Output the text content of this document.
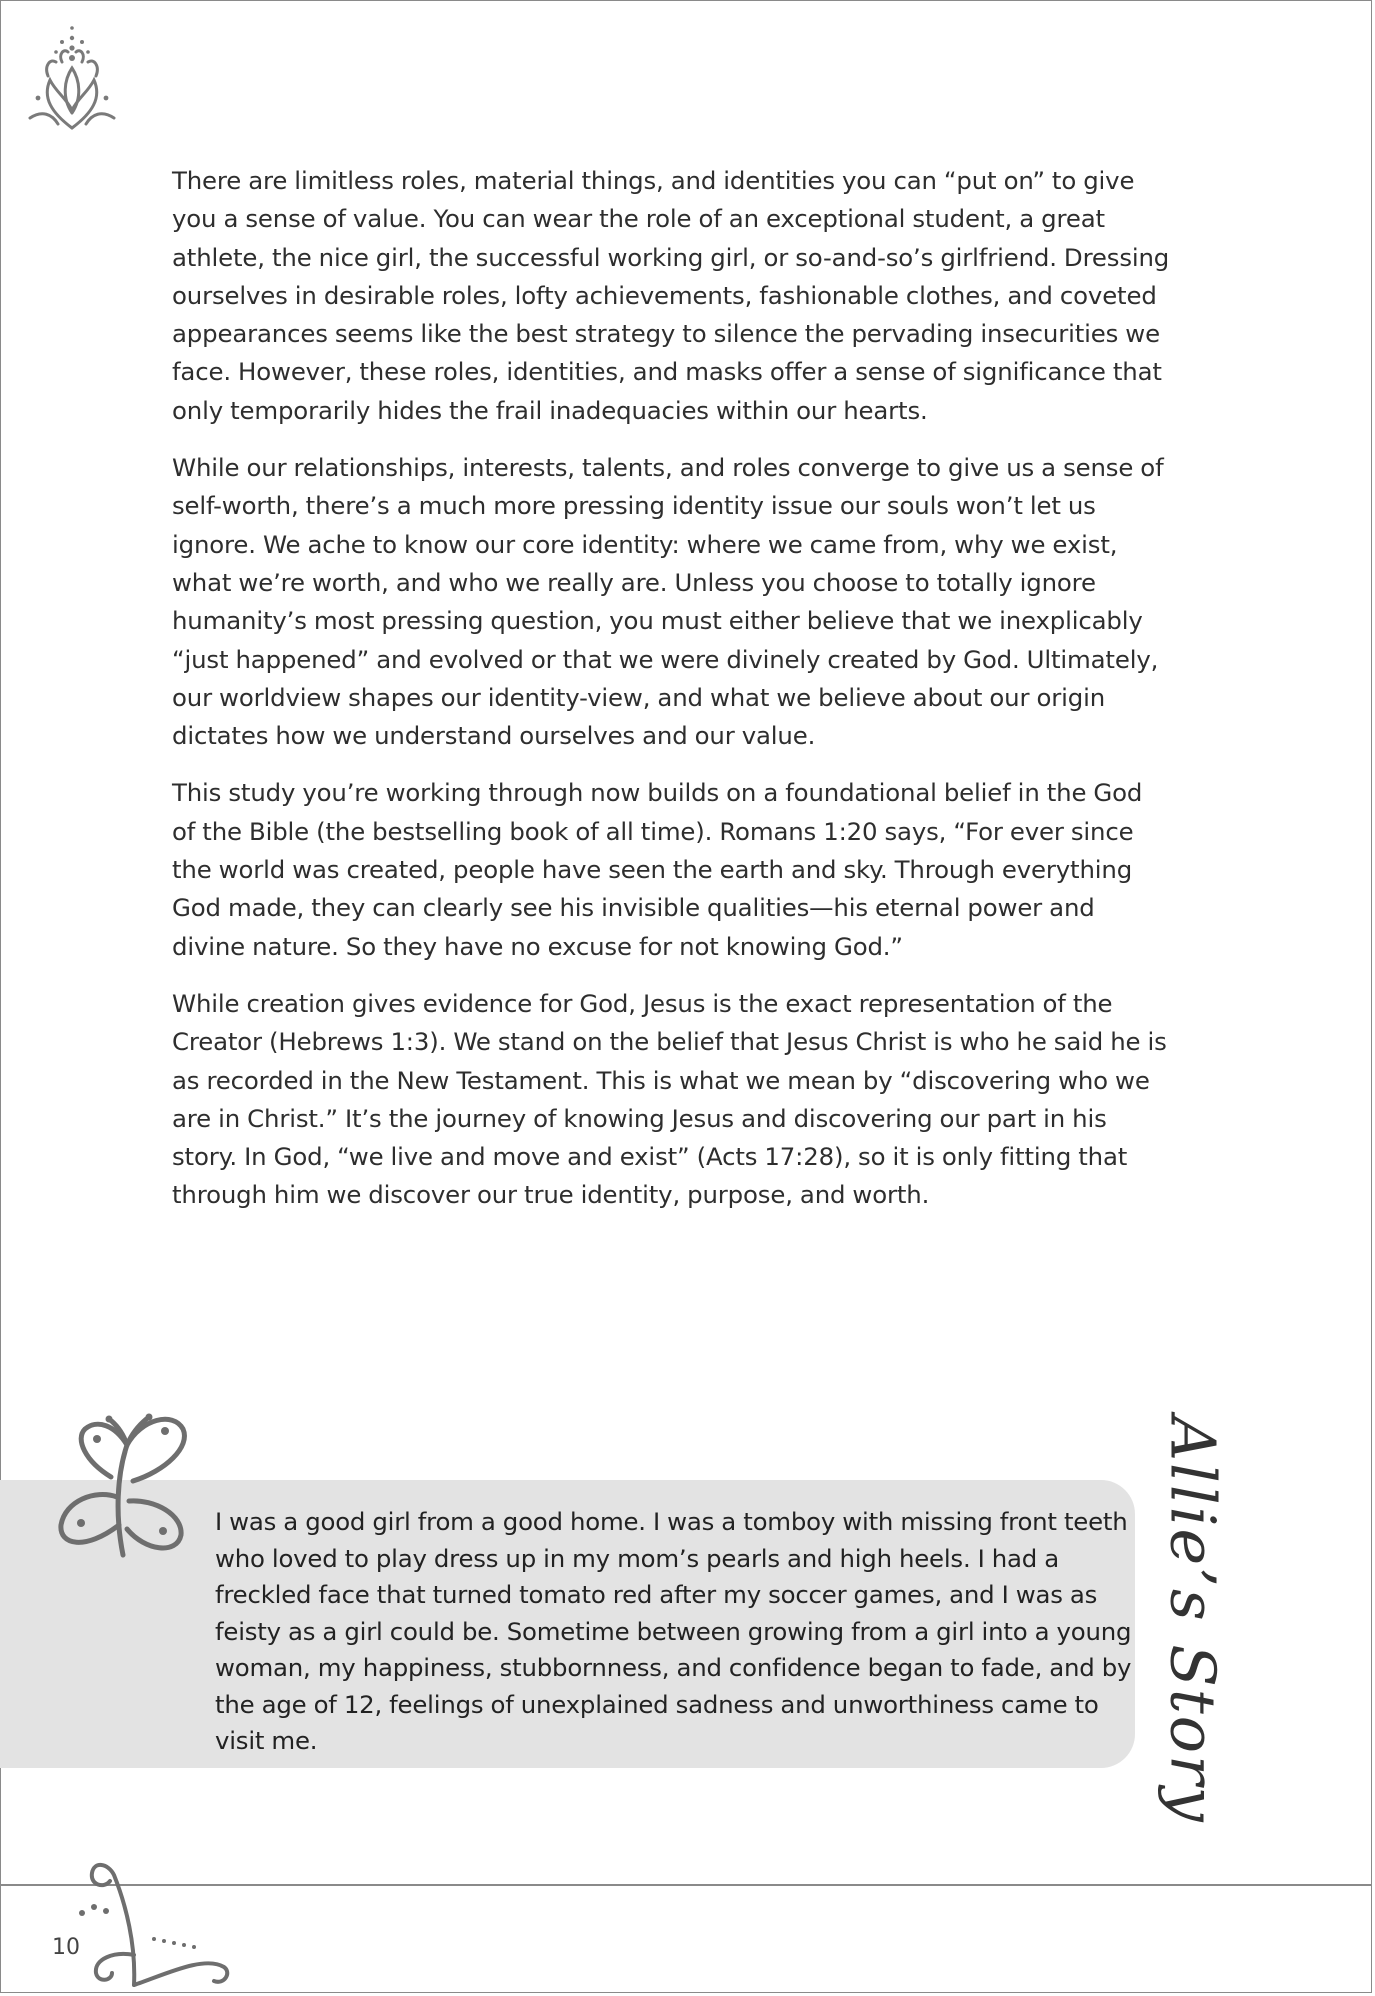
There are limitless roles, material things, and identities you can “put on” to give you a sense of value. You can wear the role of an exceptional student, a great athlete, the nice girl, the successful working girl, or so-and-so’s girlfriend. Dressing ourselves in desirable roles, lofty achievements, fashionable clothes, and coveted appearances seems like the best strategy to silence the pervading insecurities we face. However, these roles, identities, and masks offer a sense of significance that only temporarily hides the frail inadequacies within our hearts.

While our relationships, interests, talents, and roles converge to give us a sense of self-worth, there’s a much more pressing identity issue our souls won’t let us ignore. We ache to know our core identity: where we came from, why we exist, what we’re worth, and who we really are. Unless you choose to totally ignore humanity’s most pressing question, you must either believe that we inexplicably “just happened” and evolved or that we were divinely created by God. Ultimately, our worldview shapes our identity-view, and what we believe about our origin dictates how we understand ourselves and our value.

This study you’re working through now builds on a foundational belief in the God of the Bible (the bestselling book of all time). Romans 1:20 says, “For ever since the world was created, people have seen the earth and sky. Through everything God made, they can clearly see his invisible qualities—his eternal power and divine nature. So they have no excuse for not knowing God.”

While creation gives evidence for God, Jesus is the exact representation of the Creator (Hebrews 1:3). We stand on the belief that Jesus Christ is who he said he is as recorded in the New Testament. This is what we mean by “discovering who we are in Christ.” It’s the journey of knowing Jesus and discovering our part in his story. In God, “we live and move and exist” (Acts 17:28), so it is only fitting that through him we discover our true identity, purpose, and worth.

I was a good girl from a good home. I was a tomboy with missing front teeth who loved to play dress up in my mom’s pearls and high heels. I had a freckled face that turned tomato red after my soccer games, and I was as feisty as a girl could be. Sometime between growing from a girl into a young woman, my happiness, stubbornness, and confidence began to fade, and by the age of 12, feelings of unexplained sadness and unworthiness came to visit me.	Allie’s Story
10
